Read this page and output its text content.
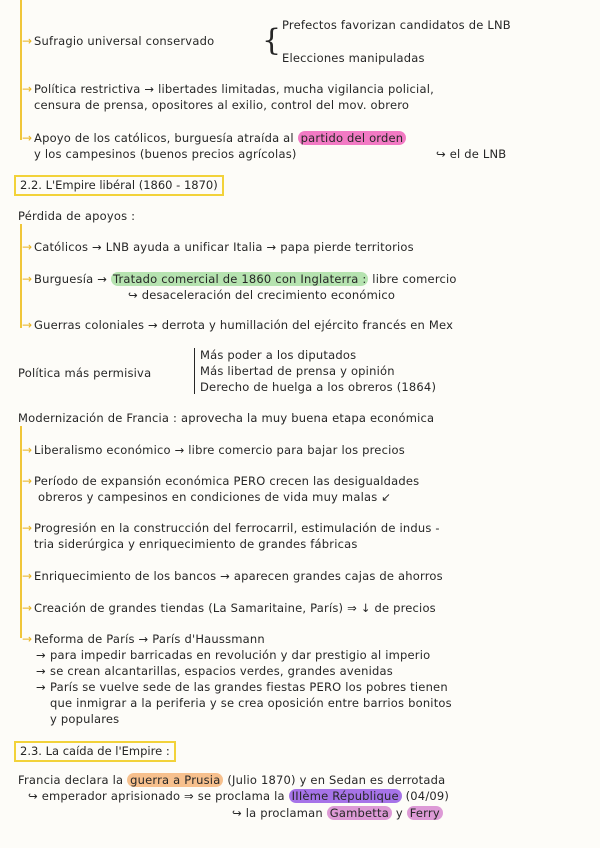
→ Sufragio universal conservado { Prefectos favorizan candidatos de LNB
Elecciones manipuladas
→ Política restrictiva → libertades limitadas, mucha vigilancia policial,
censura de prensa, opositores al exilio, control del mov. obrero
→ Apoyo de los católicos, burguesía atraída al partido del orden
y los campesinos (buenos precios agrícolas)	↪ el de LNB
2.2. L'Empire libéral (1860 - 1870)
Pérdida de apoyos :
→ Católicos → LNB ayuda a unificar Italia → papa pierde territorios
→ Burguesía → Tratado comercial de 1860 con Inglaterra : libre comercio
↪ desaceleración del crecimiento económico
→ Guerras coloniales → derrota y humillación del ejército francés en Mex
Política más permisiva
Más poder a los diputados
Más libertad de prensa y opinión
Derecho de huelga a los obreros (1864)
Modernización de Francia : aprovecha la muy buena etapa económica
→ Liberalismo económico → libre comercio para bajar los precios
→ Período de expansión económica PERO crecen las desigualdades
obreros y campesinos en condiciones de vida muy malas ↙
→ Progresión en la construcción del ferrocarril, estimulación de indus -
tria siderúrgica y enriquecimiento de grandes fábricas
→ Enriquecimiento de los bancos → aparecen grandes cajas de ahorros
→ Creación de grandes tiendas (La Samaritaine, París) ⇒ ↓ de precios
→ Reforma de París → París d'Haussmann
→ para impedir barricadas en revolución y dar prestigio al imperio
→ se crean alcantarillas, espacios verdes, grandes avenidas
→ París se vuelve sede de las grandes fiestas PERO los pobres tienen
que inmigrar a la periferia y se crea oposición entre barrios bonitos
y populares
2.3. La caída de l'Empire :
Francia declara la guerra a Prusia (Julio 1870) y en Sedan es derrotada
↪ emperador aprisionado ⇒ se proclama la IIIème République (04/09)
↪ la proclaman Gambetta y Ferry
